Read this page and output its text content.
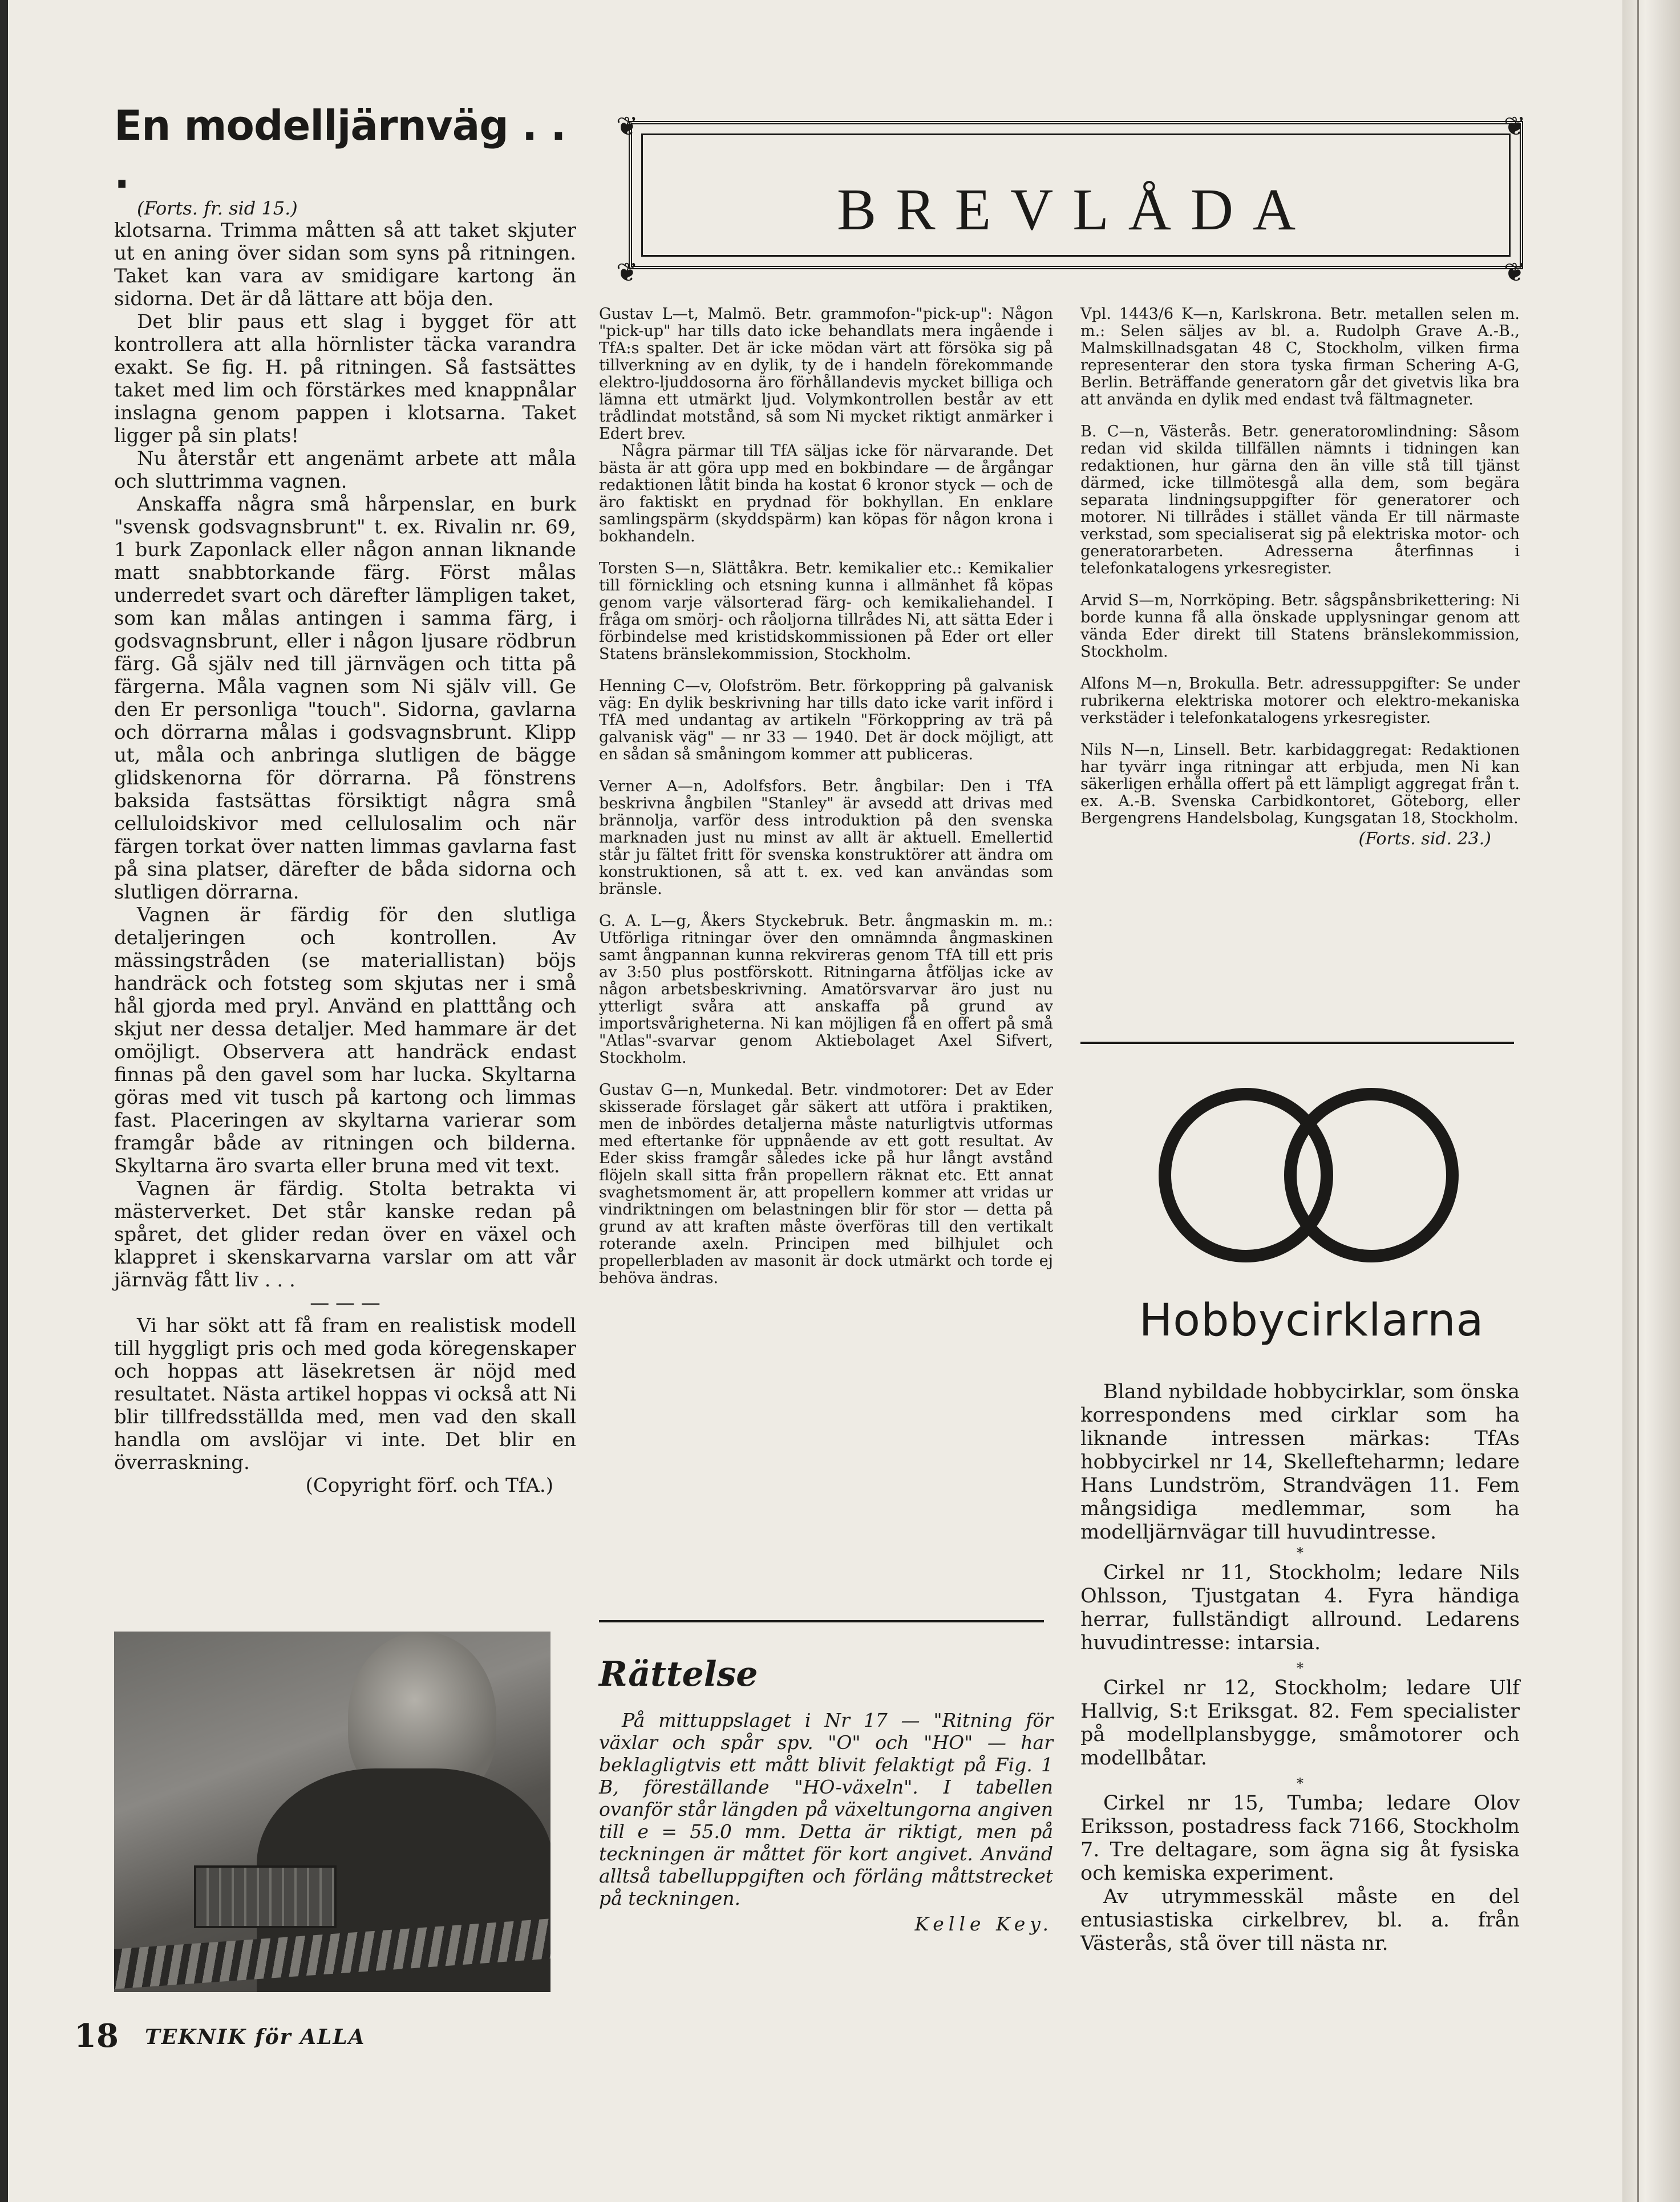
En modelljärnväg . . .
(Forts. fr. sid 15.)

klotsarna. Trimma måtten så att taket skjuter ut en aning över sidan som syns på ritningen. Taket kan vara av smidigare kartong än sidorna. Det är då lättare att böja den.

Det blir paus ett slag i bygget för att kontrollera att alla hörnlister täcka varandra exakt. Se fig. H. på ritningen. Så fastsättes taket med lim och förstärkes med knappnålar inslagna genom pappen i klotsarna. Taket ligger på sin plats!

Nu återstår ett angenämt arbete att måla och sluttrimma vagnen.

Anskaffa några små hårpenslar, en burk "svensk godsvagnsbrunt" t. ex. Rivalin nr. 69, 1 burk Zaponlack eller någon annan liknande matt snabbtorkande färg. Först målas underredet svart och därefter lämpligen taket, som kan målas antingen i samma färg, i godsvagnsbrunt, eller i någon ljusare rödbrun färg. Gå själv ned till järnvägen och titta på färgerna. Måla vagnen som Ni själv vill. Ge den Er personliga "touch". Sidorna, gavlarna och dörrarna målas i godsvagnsbrunt. Klipp ut, måla och anbringa slutligen de bägge glidskenorna för dörrarna. På fönstrens baksida fastsättas försiktigt några små celluloidskivor med cellulosalim och när färgen torkat över natten limmas gavlarna fast på sina platser, därefter de båda sidorna och slutligen dörrarna.

Vagnen är färdig för den slutliga detaljeringen och kontrollen. Av mässingstråden (se materiallistan) böjs handräck och fotsteg som skjutas ner i små hål gjorda med pryl. Använd en platttång och skjut ner dessa detaljer. Med hammare är det omöjligt. Observera att handräck endast finnas på den gavel som har lucka. Skyltarna göras med vit tusch på kartong och limmas fast. Placeringen av skyltarna varierar som framgår både av ritningen och bilderna. Skyltarna äro svarta eller bruna med vit text.

Vagnen är färdig. Stolta betrakta vi mästerverket. Det står kanske redan på spåret, det glider redan över en växel och klappret i skenskarvarna varslar om att vår järnväg fått liv . . .

— — —

Vi har sökt att få fram en realistisk modell till hyggligt pris och med goda köregenskaper och hoppas att läsekretsen är nöjd med resultatet. Nästa artikel hoppas vi också att Ni blir tillfredsställda med, men vad den skall handla om avslöjar vi inte. Det blir en överraskning.

(Copyright förf. och TfA.)

18 TEKNIK för ALLA
BREVLÅDA
❦	❦
❦	❦

Gustav L—t, Malmö. Betr. grammofon-"pick-up": Någon "pick-up" har tills dato icke behandlats mera ingående i TfA:s spalter. Det är icke mödan värt att försöka sig på tillverkning av en dylik, ty de i handeln förekommande elektro-ljuddosorna äro förhållandevis mycket billiga och lämna ett utmärkt ljud. Volymkontrollen består av ett trådlindat motstånd, så som Ni mycket riktigt anmärker i Edert brev.

Några pärmar till TfA säljas icke för närvarande. Det bästa är att göra upp med en bokbindare — de årgångar redaktionen låtit binda ha kostat 6 kronor styck — och de äro faktiskt en prydnad för bokhyllan. En enklare samlingspärm (skyddspärm) kan köpas för någon krona i bokhandeln.

Torsten S—n, Slättåkra. Betr. kemikalier etc.: Kemikalier till förnickling och etsning kunna i allmänhet få köpas genom varje välsorterad färg- och kemikaliehandel. I fråga om smörj- och råoljorna tillrådes Ni, att sätta Eder i förbindelse med kristidskommissionen på Eder ort eller Statens bränslekommission, Stockholm.

Henning C—v, Olofström. Betr. förkoppring på galvanisk väg: En dylik beskrivning har tills dato icke varit införd i TfA med undantag av artikeln "Förkoppring av trä på galvanisk väg" — nr 33 — 1940. Det är dock möjligt, att en sådan så småningom kommer att publiceras.

Verner A—n, Adolfsfors. Betr. ångbilar: Den i TfA beskrivna ångbilen "Stanley" är avsedd att drivas med brännolja, varför dess introduktion på den svenska marknaden just nu minst av allt är aktuell. Emellertid står ju fältet fritt för svenska konstruktörer att ändra om konstruktionen, så att t. ex. ved kan användas som bränsle.

G. A. L—g, Åkers Styckebruk. Betr. ångmaskin m. m.: Utförliga ritningar över den omnämnda ångmaskinen samt ångpannan kunna rekvireras genom TfA till ett pris av 3:50 plus postförskott. Ritningarna åtföljas icke av någon arbetsbeskrivning. Amatörsvarvar äro just nu ytterligt svåra att anskaffa på grund av importsvårigheterna. Ni kan möjligen få en offert på små "Atlas"-svarvar genom Aktiebolaget Axel Sifvert, Stockholm.

Gustav G—n, Munkedal. Betr. vindmotorer: Det av Eder skisserade förslaget går säkert att utföra i praktiken, men de inbördes detaljerna måste naturligtvis utformas med eftertanke för uppnående av ett gott resultat. Av Eder skiss framgår således icke på hur långt avstånd flöjeln skall sitta från propellern räknat etc. Ett annat svaghetsmoment är, att propellern kommer att vridas ur vindriktningen om belastningen blir för stor — detta på grund av att kraften måste överföras till den vertikalt roterande axeln. Principen med bilhjulet och propellerbladen av masonit är dock utmärkt och torde ej behöva ändras.

Rättelse
På mittuppslaget i Nr 17 — "Ritning för växlar och spår spv. "O" och "HO" — har beklagligtvis ett mått blivit felaktigt på Fig. 1 B, föreställande "HO-växeln". I tabellen ovanför står längden på växeltungorna angiven till e = 55.0 mm. Detta är riktigt, men på teckningen är måttet för kort angivet. Använd alltså tabelluppgiften och förläng måttstrecket på teckningen.
Kelle Key.

Vpl. 1443/6 K—n, Karlskrona. Betr. metallen selen m. m.: Selen säljes av bl. a. Rudolph Grave A.-B., Malmskillnadsgatan 48 C, Stockholm, vilken firma representerar den stora tyska firman Schering A-G, Berlin. Beträffande generatorn går det givetvis lika bra att använda en dylik med endast två fältmagneter.

B. C—n, Västerås. Betr. generatorомlindning: Såsom redan vid skilda tillfällen nämnts i tidningen kan redaktionen, hur gärna den än ville stå till tjänst därmed, icke tillmötesgå alla dem, som begära separata lindningsuppgifter för generatorer och motorer. Ni tillrådes i stället vända Er till närmaste verkstad, som specialiserat sig på elektriska motor- och generatorarbeten. Adresserna återfinnas i telefonkatalogens yrkesregister.

Arvid S—m, Norrköping. Betr. sågspånsbrikettering: Ni borde kunna få alla önskade upplysningar genom att vända Eder direkt till Statens bränslekommission, Stockholm.

Alfons M—n, Brokulla. Betr. adressuppgifter: Se under rubrikerna elektriska motorer och elektro-mekaniska verkstäder i telefonkatalogens yrkesregister.

Nils N—n, Linsell. Betr. karbidaggregat: Redaktionen har tyvärr inga ritningar att erbjuda, men Ni kan säkerligen erhålla offert på ett lämpligt aggregat från t. ex. A.-B. Svenska Carbidkontoret, Göteborg, eller Bergengrens Handelsbolag, Kungsgatan 18, Stockholm.

(Forts. sid. 23.)
Hobbycirklarna

Bland nybildade hobbycirklar, som önska korrespondens med cirklar som ha liknande intressen märkas: TfAs hobbycirkel nr 14, Skellefteharmn; ledare Hans Lundström, Strandvägen 11. Fem mångsidiga medlemmar, som ha modelljärnvägar till huvudintresse.

*

Cirkel nr 11, Stockholm; ledare Nils Ohlsson, Tjustgatan 4. Fyra händiga herrar, fullständigt allround. Ledarens huvudintresse: intarsia.

*

Cirkel nr 12, Stockholm; ledare Ulf Hallvig, S:t Eriksgat. 82. Fem specialister på modellplansbygge, småmotorer och modellbåtar.

*

Cirkel nr 15, Tumba; ledare Olov Eriksson, postadress fack 7166, Stockholm 7. Tre deltagare, som ägna sig åt fysiska och kemiska experiment.

Av utrymmesskäl måste en del entusiastiska cirkelbrev, bl. a. från Västerås, stå över till nästa nr.
